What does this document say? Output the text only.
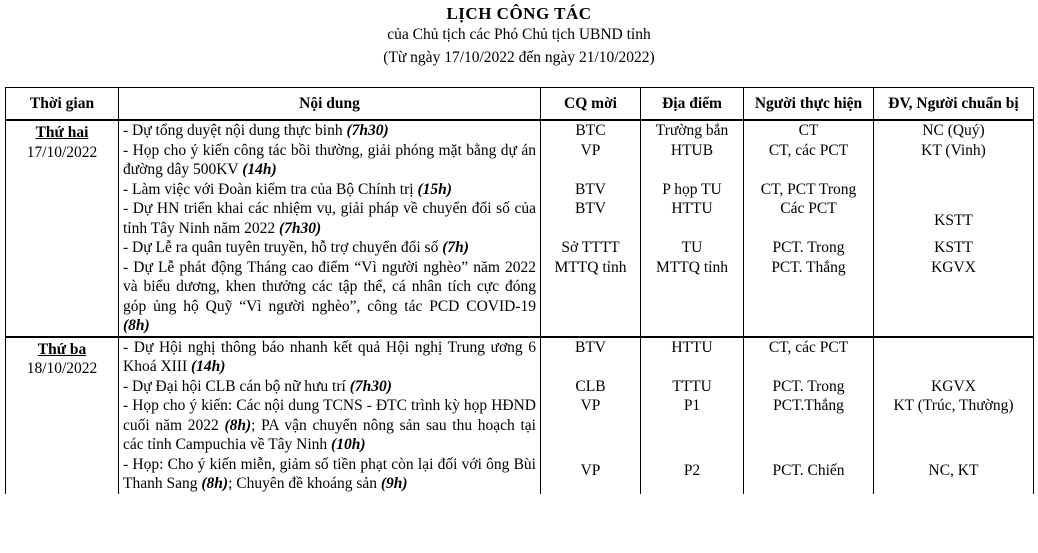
LỊCH CÔNG TÁC
của Chủ tịch các Phó Chủ tịch UBND tỉnh
(Từ ngày 17/10/2022 đến ngày 21/10/2022)
Thời gian	Nội dung	CQ mời	Địa điểm	Người thực hiện	ĐV, Người chuẩn bị

Thứ hai
17/10/2022	- Dự tổng duyệt nội dung thực binh (7h30)	BTC	Trường bắn	CT	NC (Quý)
	- Họp cho ý kiến công tác bồi thường, giải phóng mặt bằng dự án đường dây 500KV (14h)	VP	HTUB	CT, các PCT	KT (Vinh)
	- Làm việc với Đoàn kiểm tra của Bộ Chính trị (15h)	BTV	P họp TU	CT, PCT Trong	
	- Dự HN triển khai các nhiệm vụ, giải pháp về chuyển đổi số của tỉnh Tây Ninh năm 2022 (7h30)	BTV	HTTU	Các PCT	KSTT
	- Dự Lễ ra quân tuyên truyền, hỗ trợ chuyển đổi số (7h)	Sở TTTT	TU	PCT. Trong	KSTT
	- Dự Lễ phát động Tháng cao điểm “Vì người nghèo” năm 2022 và biểu dương, khen thưởng các tập thể, cá nhân tích cực đóng góp ủng hộ Quỹ “Vì người nghèo”, công tác PCD COVID-19 (8h)	MTTQ tỉnh	MTTQ tỉnh	PCT. Thắng	KGVX

Thứ ba
18/10/2022	- Dự Hội nghị thông báo nhanh kết quả Hội nghị Trung ương 6 Khoá XIII (14h)	BTV	HTTU	CT, các PCT	
	- Dự Đại hội CLB cán bộ nữ hưu trí (7h30)	CLB	TTTU	PCT. Trong	KGVX
	- Họp cho ý kiến: Các nội dung TCNS - ĐTC trình kỳ họp HĐND cuối năm 2022 (8h); PA vận chuyển nông sản sau thu hoạch tại các tỉnh Campuchia về Tây Ninh (10h)	VP	P1	PCT.Thắng	KT (Trúc, Thường)
	- Họp: Cho ý kiến miễn, giảm số tiền phạt còn lại đối với ông Bùi Thanh Sang (8h); Chuyên đề khoáng sản (9h)	VP	P2	PCT. Chiến	NC, KT
